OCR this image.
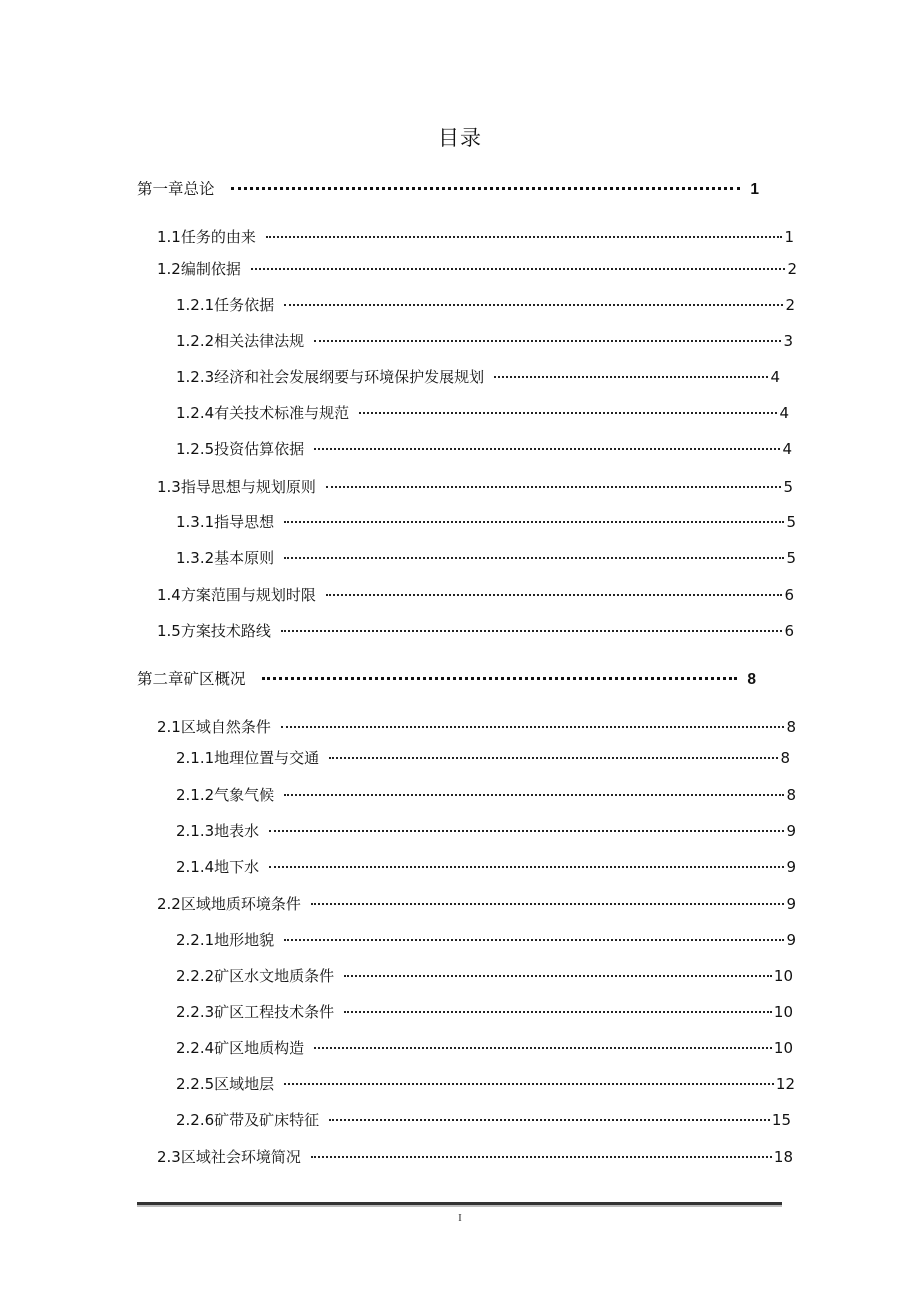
目录
第一章总论	1
1.1任务的由来	1
1.2编制依据	2
1.2.1任务依据	2
1.2.2相关法律法规	3
1.2.3经济和社会发展纲要与环境保护发展规划	4
1.2.4有关技术标准与规范	4
1.2.5投资估算依据	4
1.3指导思想与规划原则	5
1.3.1指导思想	5
1.3.2基本原则	5
1.4方案范围与规划时限	6
1.5方案技术路线	6
第二章矿区概况	8
2.1区域自然条件	8
2.1.1地理位置与交通	8
2.1.2气象气候	8
2.1.3地表水	9
2.1.4地下水	9
2.2区域地质环境条件	9
2.2.1地形地貌	9
2.2.2矿区水文地质条件	10
2.2.3矿区工程技术条件	10
2.2.4矿区地质构造	10
2.2.5区域地层	12
2.2.6矿带及矿床特征	15
2.3区域社会环境简况	18
I
